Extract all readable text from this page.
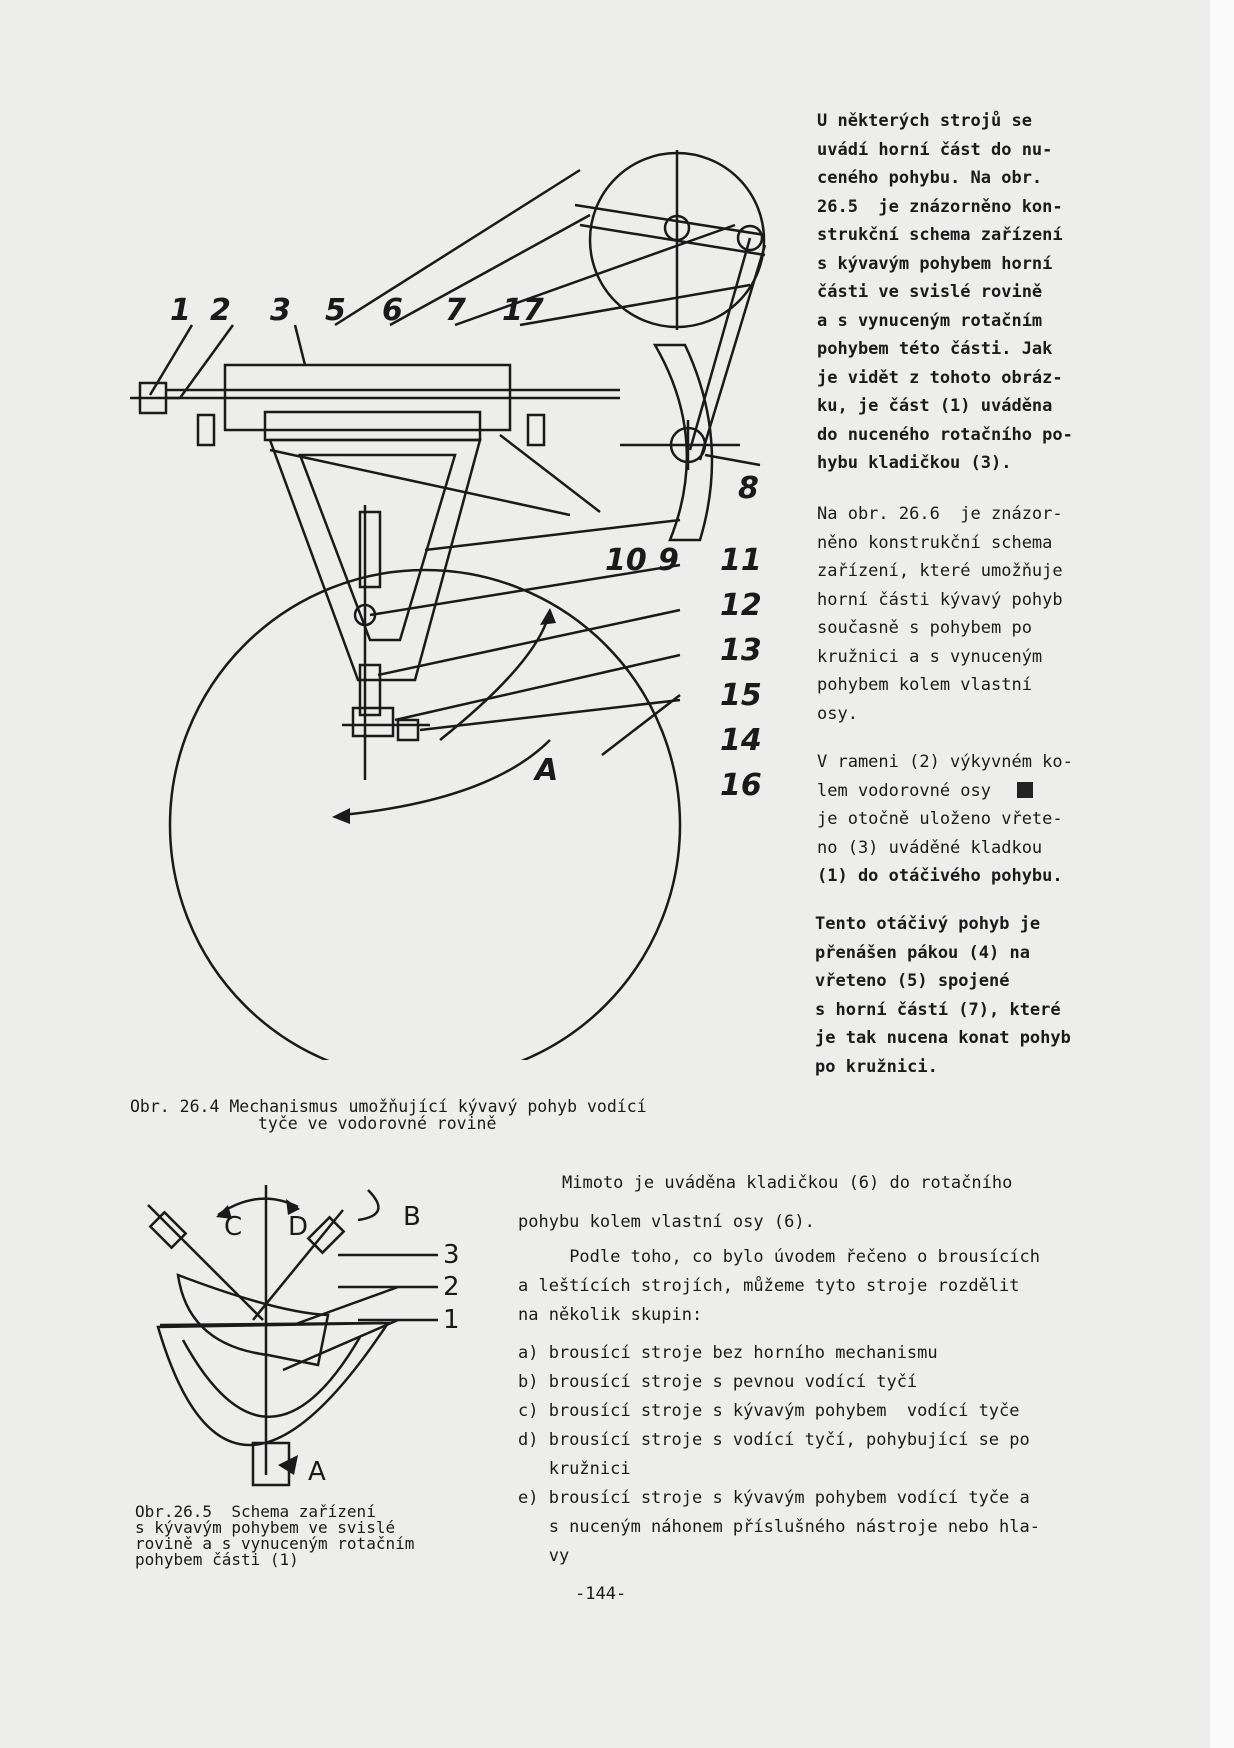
1 2 3 5 6 7 17
8
10 9 11
12
13
15
14
16
A
Obr. 26.4 Mechanismus umožňující kývavý pohyb vodící
tyče ve vodorovné rovině
U některých strojů se
uvádí horní část do nu-
ceného pohybu. Na obr.
26.5  je znázorněno kon-
strukční schema zařízení
s kývavým pohybem horní
části ve svislé rovině
a s vynuceným rotačním
pohybem této části. Jak
je vidět z tohoto obráz-
ku, je část (1) uváděna
do nuceného rotačního po-
hybu kladičkou (3).
Na obr. 26.6  je znázor-
něno konstrukční schema
zařízení, které umožňuje
horní části kývavý pohyb
současně s pohybem po
kružnici a s vynuceným
pohybem kolem vlastní
osy.
V rameni (2) výkyvném ko-
lem vodorovné osy
je otočně uloženo vřete-
no (3) uváděné kladkou
(1) do otáčivého pohybu.
Tento otáčivý pohyb je
přenášen pákou (4) na
vřeteno (5) spojené
s horní částí (7), které
je tak nucena konat pohyb
po kružnici.
C D	B
3
2
1
A
Obr.26.5  Schema zařízení
s kývavým pohybem ve svislé
rovině a s vynuceným rotačním
pohybem části (1)
Mimoto je uváděna kladičkou (6) do rotačního
pohybu kolem vlastní osy (6).
Podle toho, co bylo úvodem řečeno o brousících
a leštících strojích, můžeme tyto stroje rozdělit
na několik skupin:
a) brousící stroje bez horního mechanismu
b) brousící stroje s pevnou vodící tyčí
c) brousící stroje s kývavým pohybem  vodící tyče
d) brousící stroje s vodící tyčí, pohybující se po
kružnici
e) brousící stroje s kývavým pohybem vodící tyče a
s nuceným náhonem příslušného nástroje nebo hla-
vy
-144-
